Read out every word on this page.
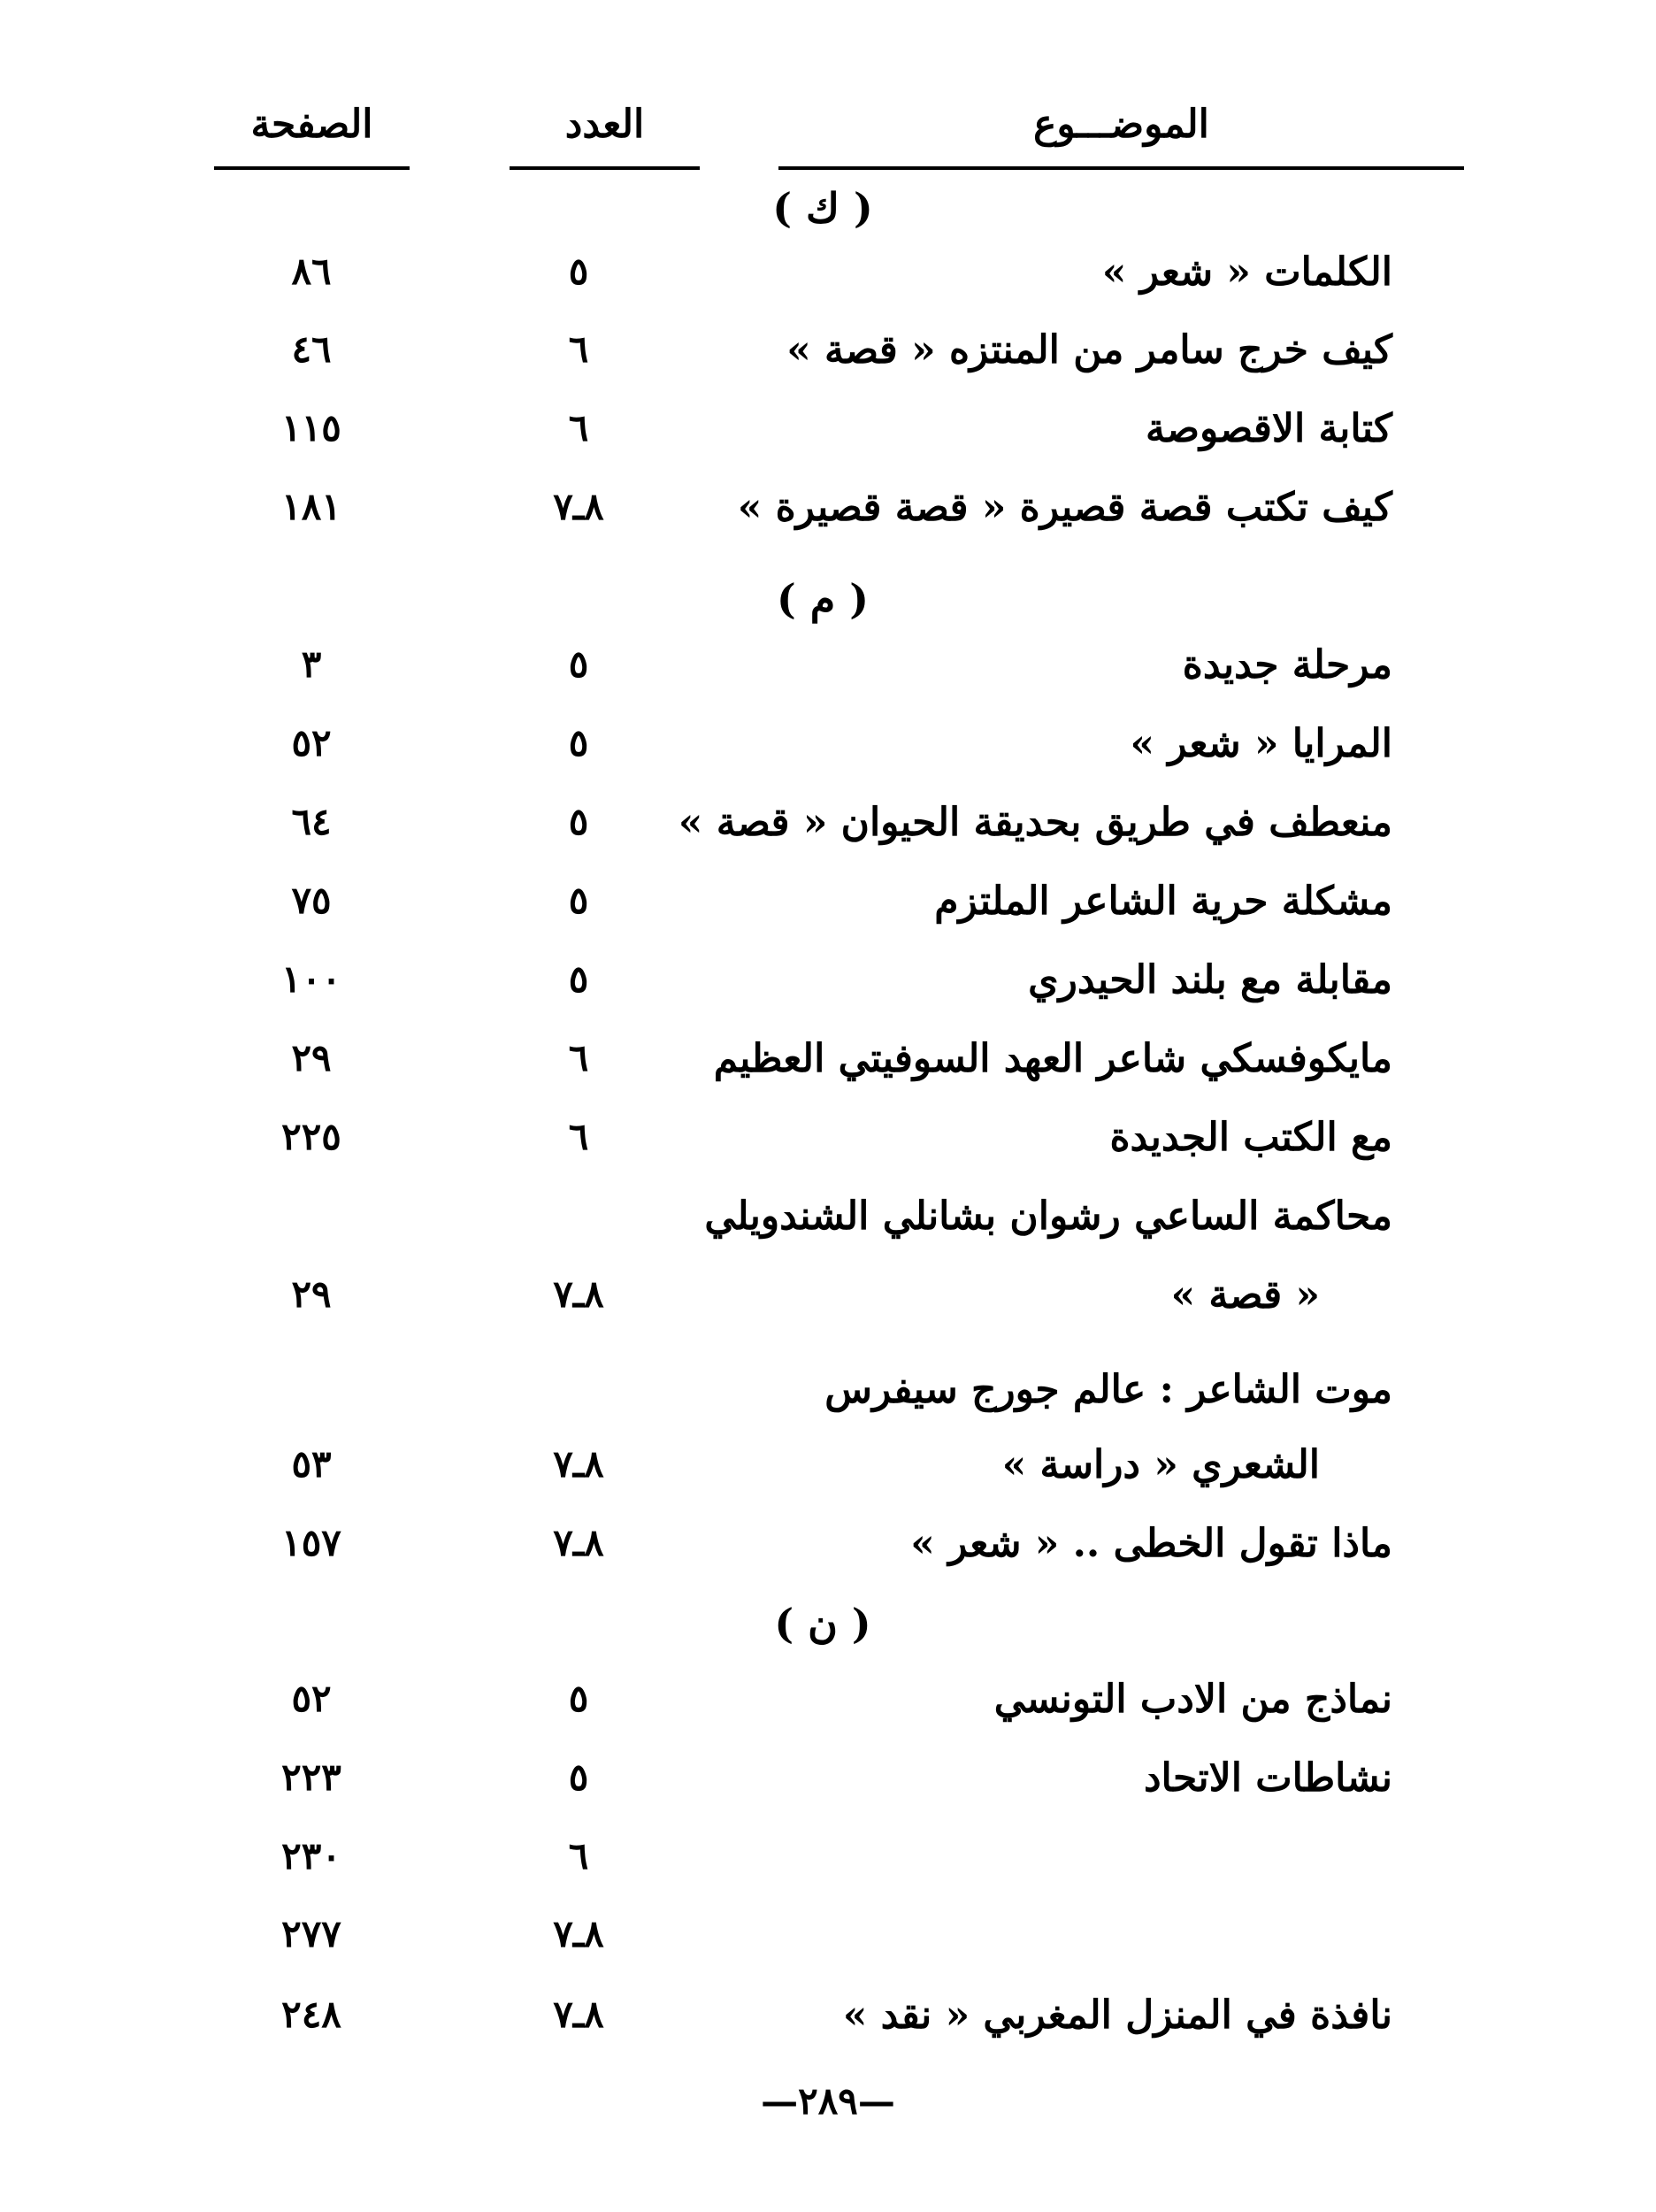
الموضـــوع
العدد
الصفحة
( ك )
الكلمات « شعر »
٥
٨٦
كيف خرج سامر من المنتزه « قصة »
٦
٤٦
كتابة الاقصوصة
٦
١١٥
كيف تكتب قصة قصيرة « قصة قصيرة »
٨ـ٧
١٨١
( م )
مرحلة جديدة
٥
٣
المرايا « شعر »
٥
٥٢
منعطف في طريق بحديقة الحيوان « قصة »
٥
٦٤
مشكلة حرية الشاعر الملتزم
٥
٧٥
مقابلة مع بلند الحيدري
٥
١٠٠
مايكوفسكي شاعر العهد السوفيتي العظيم
٦
٢٩
مع الكتب الجديدة
٦
٢٢٥
محاكمة الساعي رشوان بشانلي الشندويلي
« قصة »
٨ـ٧
٢٩
موت الشاعر : عالم جورج سيفرس
الشعري « دراسة »
٨ـ٧
٥٣
ماذا تقول الخطى .. « شعر »
٨ـ٧
١٥٧
( ن )
نماذج من الادب التونسي
٥
٥٢
نشاطات الاتحاد
٥
٢٢٣
٦
٢٣٠
٨ـ٧
٢٧٧
نافذة في المنزل المغربي « نقد »
٨ـ٧
٢٤٨
—٢٨٩—
